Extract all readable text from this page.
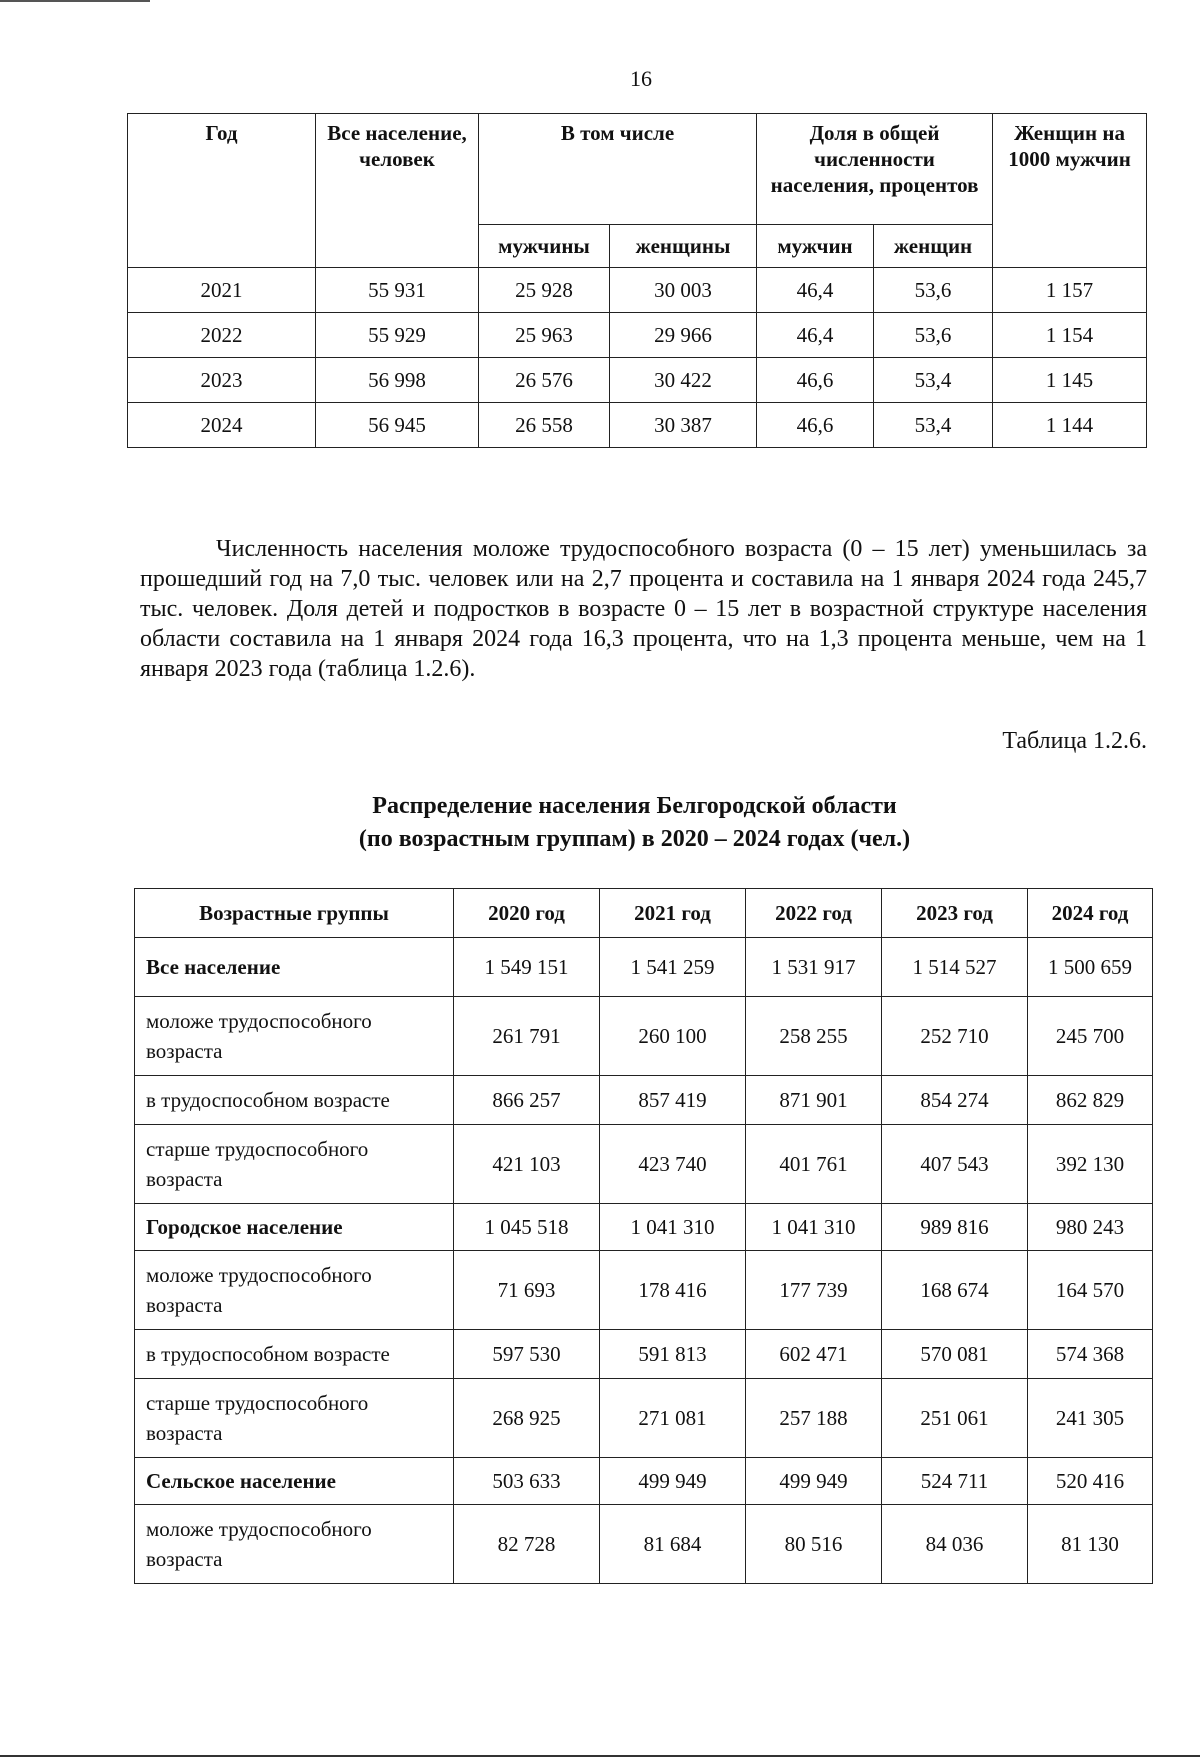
16
Год	Все население, человек	В том числе		Доля в общей численности населения, процентов		Женщин на 1000 мужчин
		мужчины	женщины	мужчин	женщин	
2021	55 931	25 928	30 003	46,4	53,6	1 157
2022	55 929	25 963	29 966	46,4	53,6	1 154
2023	56 998	26 576	30 422	46,6	53,4	1 145
2024	56 945	26 558	30 387	46,6	53,4	1 144
Численность населения моложе трудоспособного возраста (0 – 15 лет) уменьшилась за прошедший год на 7,0 тыс. человек или на 2,7 процента и составила на 1 января 2024 года 245,7 тыс. человек. Доля детей и подростков в возрасте 0 – 15 лет в возрастной структуре населения области составила на 1 января 2024 года 16,3 процента, что на 1,3 процента меньше, чем на 1 января 2023 года (таблица 1.2.6).
Таблица 1.2.6.
Распределение населения Белгородской области
(по возрастным группам) в 2020 – 2024 годах (чел.)
Возрастные группы	2020 год	2021 год	2022 год	2023 год	2024 год
Все население	1 549 151	1 541 259	1 531 917	1 514 527	1 500 659
моложе трудоспособного возраста	261 791	260 100	258 255	252 710	245 700
в трудоспособном возрасте	866 257	857 419	871 901	854 274	862 829
старше трудоспособного возраста	421 103	423 740	401 761	407 543	392 130
Городское население	1 045 518	1 041 310	1 041 310	989 816	980 243
моложе трудоспособного возраста	71 693	178 416	177 739	168 674	164 570
в трудоспособном возрасте	597 530	591 813	602 471	570 081	574 368
старше трудоспособного возраста	268 925	271 081	257 188	251 061	241 305
Сельское население	503 633	499 949	499 949	524 711	520 416
моложе трудоспособного возраста	82 728	81 684	80 516	84 036	81 130
